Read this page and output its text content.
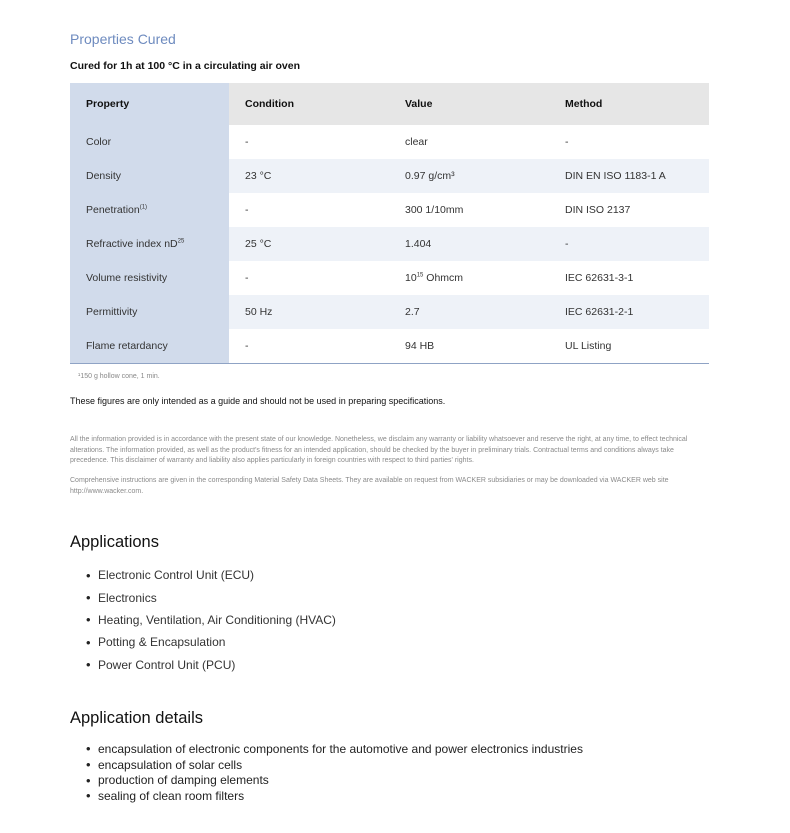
Properties Cured
Cured for 1h at 100 °C in a circulating air oven
Property	Condition	Value	Method
Color	-	clear	-
Density	23 °C	0.97 g/cm³	DIN EN ISO 1183-1 A
Penetration$^{(1)}$	-	300 1/10mm	DIN ISO 2137
Refractive index $nD^{25}$	25 °C	1.404	-
Volume resistivity	-	$10^{15}$ Ohmcm	IEC 62631-3-1
Permittivity	50 Hz	2.7	IEC 62631-2-1
Flame retardancy	-	94 HB	UL Listing
¹150 g hollow cone, 1 min.
These figures are only intended as a guide and should not be used in preparing specifications.
All the information provided is in accordance with the present state of our knowledge. Nonetheless, we disclaim any warranty or liability whatsoever and reserve the right, at any time, to effect technical alterations. The information provided, as well as the product's fitness for an intended application, should be checked by the buyer in preliminary trials. Contractual terms and conditions always take precedence. This disclaimer of warranty and liability also applies particularly in foreign countries with respect to third parties' rights.
Comprehensive instructions are given in the corresponding Material Safety Data Sheets. They are available on request from WACKER subsidiaries or may be downloaded via WACKER web site http://www.wacker.com.
Applications
• Electronic Control Unit (ECU)
• Electronics
• Heating, Ventilation, Air Conditioning (HVAC)
• Potting & Encapsulation
• Power Control Unit (PCU)
Application details
• encapsulation of electronic components for the automotive and power electronics industries
• encapsulation of solar cells
• production of damping elements
• sealing of clean room filters
